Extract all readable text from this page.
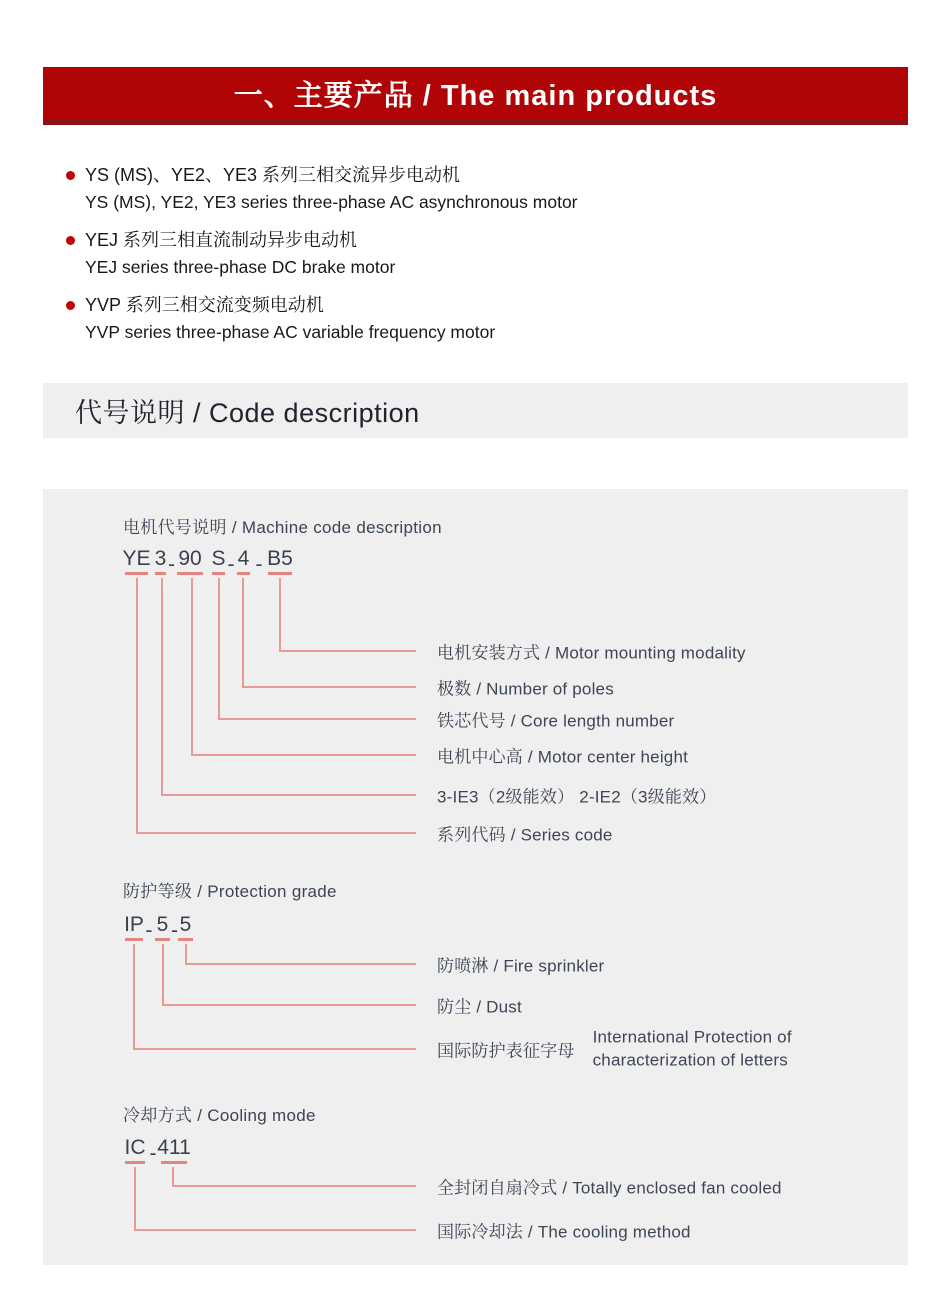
一、主要产品 / The main products
YS (MS)、YE2、YE3 系列三相交流异步电动机
YS (MS), YE2, YE3 series three-phase AC asynchronous motor
YEJ 系列三相直流制动异步电动机
YEJ series three-phase DC brake motor
YVP 系列三相交流变频电动机
YVP series three-phase AC variable frequency motor
代号说明 / Code description
电机代号说明 / Machine code description
YE 3 - 90 S - 4 - B5
电机安装方式 / Motor mounting modality
极数 / Number of poles
铁芯代号 / Core length number
电机中心高 / Motor center height
3-IE3（2级能效） 2-IE2（3级能效）
系列代码 / Series code
防护等级 / Protection grade
IP - 5 - 5
防喷淋 / Fire sprinkler
防尘 / Dust
国际防护表征字母
International Protection of
characterization of letters
冷却方式 / Cooling mode
IC - 411
全封闭自扇冷式 / Totally enclosed fan cooled
国际冷却法 / The cooling method
